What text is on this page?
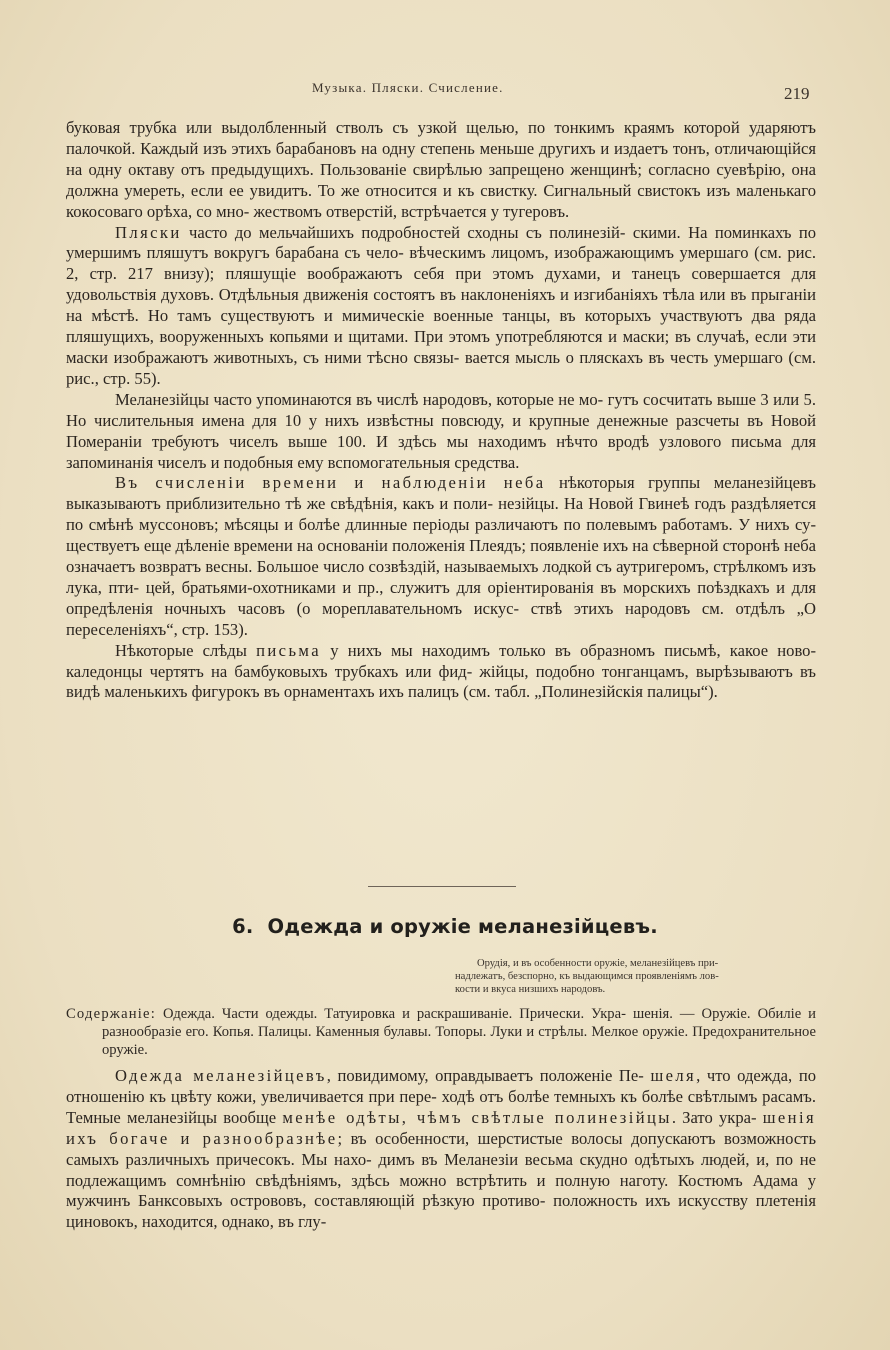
Музыка. Пляски. Счисление.	219

буковая трубка или выдолбленный стволъ съ узкой щелью, по тонкимъ краямъ которой ударяютъ палочкой. Каждый изъ этихъ барабановъ на одну степень меньше другихъ и издаетъ тонъ, отличающійся на одну октаву отъ предыдущихъ. Пользованіе свирѣлью запрещено женщинѣ; согласно суевѣрію, она должна умереть, если ее увидитъ. То же относится и къ свистку. Сигнальный свистокъ изъ маленькаго кокосоваго орѣха, со мно- жествомъ отверстій, встрѣчается у тугеровъ.

Пляски часто до мельчайшихъ подробностей сходны съ полинезій- скими. На поминкахъ по умершимъ пляшутъ вокругъ барабана съ чело- вѣческимъ лицомъ, изображающимъ умершаго (см. рис. 2, стр. 217 внизу); пляшущіе воображаютъ себя при этомъ духами, и танецъ совершается для удовольствія духовъ. Отдѣльныя движенія состоятъ въ наклоненіяхъ и изгибаніяхъ тѣла или въ прыганіи на мѣстѣ. Но тамъ существуютъ и мимическіе военные танцы, въ которыхъ участвуютъ два ряда пляшущихъ, вооруженныхъ копьями и щитами. При этомъ употребляются и маски; въ случаѣ, если эти маски изображаютъ животныхъ, съ ними тѣсно связы- вается мысль о пляскахъ въ честь умершаго (см. рис., стр. 55).

Меланезійцы часто упоминаются въ числѣ народовъ, которые не мо- гутъ сосчитать выше 3 или 5. Но числительныя имена для 10 у нихъ извѣстны повсюду, и крупные денежные разсчеты въ Новой Помераніи требуютъ чиселъ выше 100. И здѣсь мы находимъ нѣчто вродѣ узлового письма для запоминанія чиселъ и подобныя ему вспомогательныя средства.

Въ счисленіи времени и наблюденіи неба нѣкоторыя группы меланезійцевъ выказываютъ приблизительно тѣ же свѣдѣнія, какъ и поли- незійцы. На Новой Гвинеѣ годъ раздѣляется по смѣнѣ муссоновъ; мѣсяцы и болѣе длинные періоды различаютъ по полевымъ работамъ. У нихъ су- ществуетъ еще дѣленіе времени на основаніи положенія Плеядъ; появленіе ихъ на сѣверной сторонѣ неба означаетъ возвратъ весны. Большое число созвѣздій, называемыхъ лодкой съ аутригеромъ, стрѣлкомъ изъ лука, пти- цей, братьями-охотниками и пр., служитъ для оріентированія въ морскихъ поѣздкахъ и для опредѣленія ночныхъ часовъ (о мореплавательномъ искус- ствѣ этихъ народовъ см. отдѣлъ „О переселеніяхъ“, стр. 153).

Нѣкоторые слѣды письма у нихъ мы находимъ только въ образномъ письмѣ, какое ново-каледонцы чертятъ на бамбуковыхъ трубкахъ или фид- жійцы, подобно тонганцамъ, вырѣзываютъ въ видѣ маленькихъ фигурокъ въ орнаментахъ ихъ палицъ (см. табл. „Полинезійскія палицы“).

6. Одежда и оружіе меланезійцевъ.
Орудія, и въ особенности оружіе, меланезійцевъ при-
надлежатъ, безспорно, къ выдающимся проявленіямъ лов-
кости и вкуса низшихъ народовъ.
Содержаніе: Одежда. Части одежды. Татуировка и раскрашиваніе. Прически. Укра- шенія. — Оружіе. Обиліе и разнообразіе его. Копья. Палицы. Каменныя булавы. Топоры. Луки и стрѣлы. Мелкое оружіе. Предохранительное оружіе.

Одежда меланезійцевъ, повидимому, оправдываетъ положеніе Пе- шеля, что одежда, по отношенію къ цвѣту кожи, увеличивается при пере- ходѣ отъ болѣе темныхъ къ болѣе свѣтлымъ расамъ. Темные меланезійцы вообще менѣе одѣты, чѣмъ свѣтлые полинезійцы. Зато укра- шенія ихъ богаче и разнообразнѣе; въ особенности, шерстистые волосы допускаютъ возможность самыхъ различныхъ причесокъ. Мы нахо- димъ въ Меланезіи весьма скудно одѣтыхъ людей, и, по не подлежащимъ сомнѣнію свѣдѣніямъ, здѣсь можно встрѣтить и полную наготу. Костюмъ Адама у мужчинъ Банксовыхъ острововъ, составляющій рѣзкую противо- положность ихъ искусству плетенія циновокъ, находится, однако, въ глу-
